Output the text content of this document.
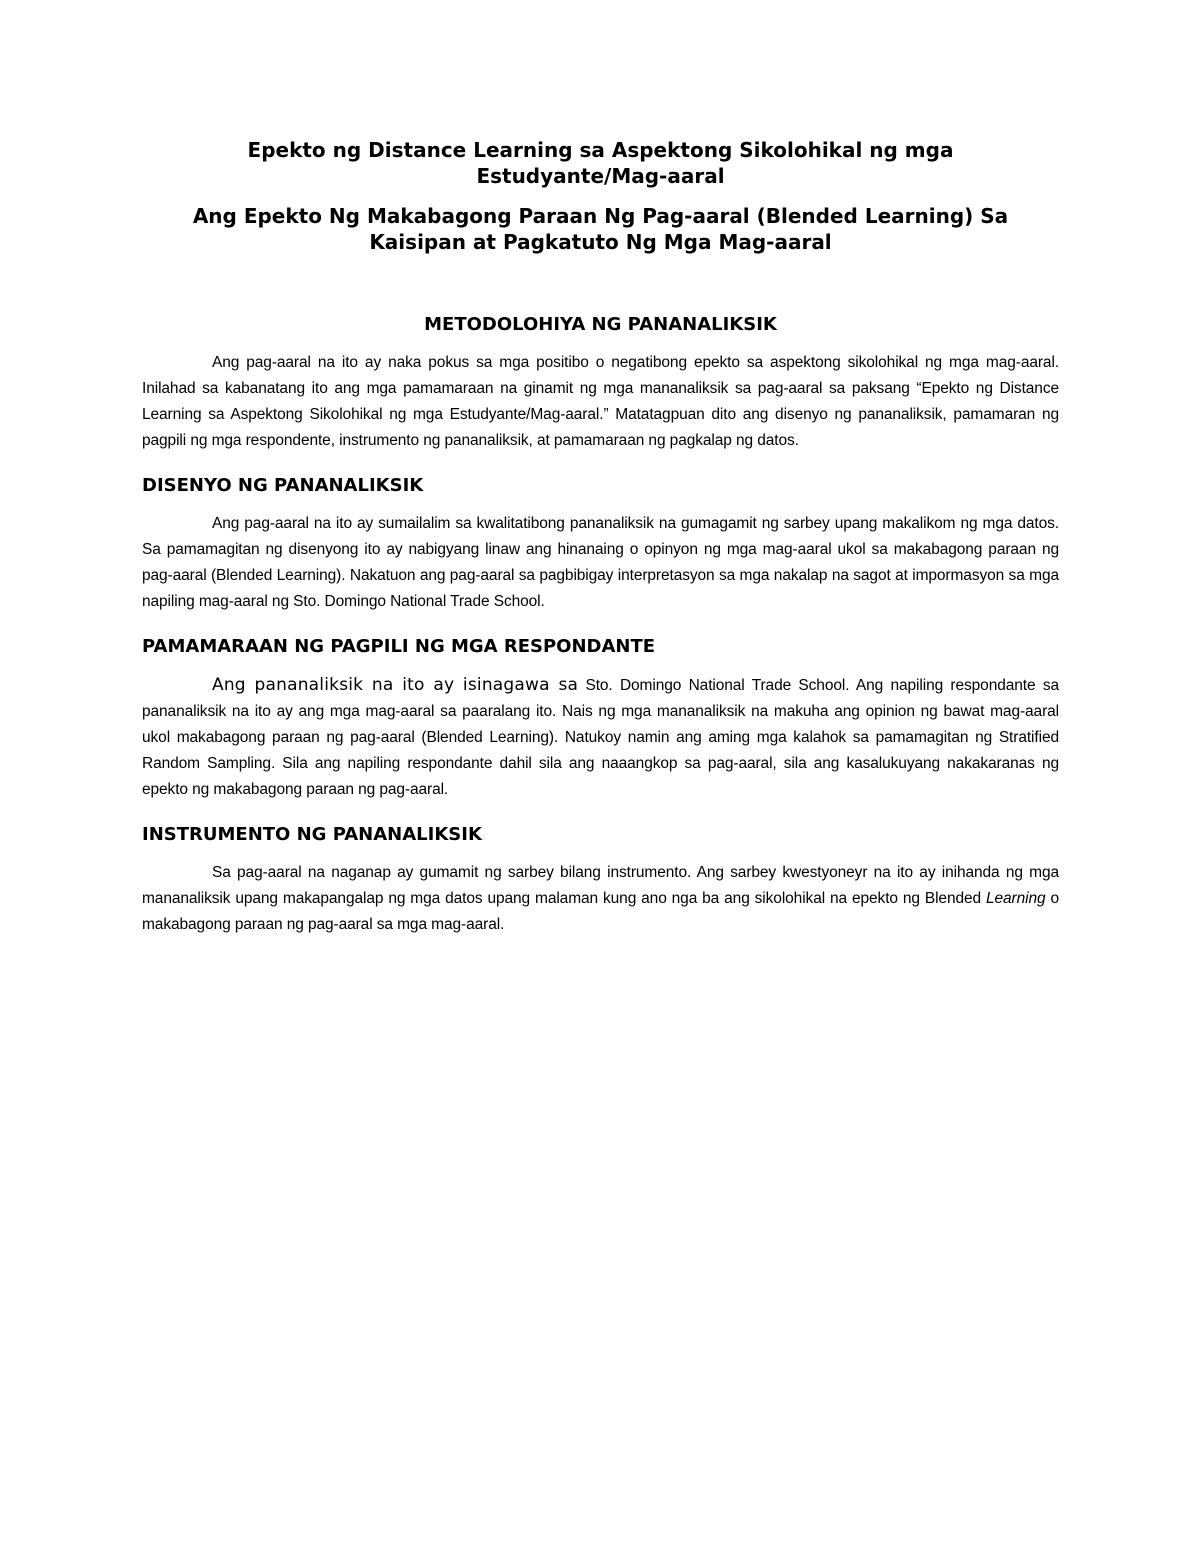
Epekto ng Distance Learning sa Aspektong Sikolohikal ng mga Estudyante/Mag-aaral
Ang Epekto Ng Makabagong Paraan Ng Pag-aaral (Blended Learning) Sa Kaisipan at Pagkatuto Ng Mga Mag-aaral
METODOLOHIYA NG PANANALIKSIK

Ang pag-aaral na ito ay naka pokus sa mga positibo o negatibong epekto sa aspektong sikolohikal ng mga mag-aaral. Inilahad sa kabanatang ito ang mga pamamaraan na ginamit ng mga mananaliksik sa pag-aaral sa paksang “Epekto ng Distance Learning sa Aspektong Sikolohikal ng mga Estudyante/Mag-aaral.” Matatagpuan dito ang disenyo ng pananaliksik, pamamaran ng pagpili ng mga respondente, instrumento ng pananaliksik, at pamamaraan ng pagkalap ng datos.

DISENYO NG PANANALIKSIK

Ang pag-aaral na ito ay sumailalim sa kwalitatibong pananaliksik na gumagamit ng sarbey upang makalikom ng mga datos. Sa pamamagitan ng disenyong ito ay nabigyang linaw ang hinanaing o opinyon ng mga mag-aaral ukol sa makabagong paraan ng pag-aaral (Blended Learning). Nakatuon ang pag-aaral sa pagbibigay interpretasyon sa mga nakalap na sagot at impormasyon sa mga napiling mag-aaral ng Sto. Domingo National Trade School.

PAMAMARAAN NG PAGPILI NG MGA RESPONDANTE

Ang pananaliksik na ito ay isinagawa sa Sto. Domingo National Trade School. Ang napiling respondante sa pananaliksik na ito ay ang mga mag-aaral sa paaralang ito. Nais ng mga mananaliksik na makuha ang opinion ng bawat mag-aaral ukol makabagong paraan ng pag-aaral (Blended Learning). Natukoy namin ang aming mga kalahok sa pamamagitan ng Stratified Random Sampling. Sila ang napiling respondante dahil sila ang naaangkop sa pag-aaral, sila ang kasalukuyang nakakaranas ng epekto ng makabagong paraan ng pag-aaral.

INSTRUMENTO NG PANANALIKSIK

Sa pag-aaral na naganap ay gumamit ng sarbey bilang instrumento. Ang sarbey kwestyoneyr na ito ay inihanda ng mga mananaliksik upang makapangalap ng mga datos upang malaman kung ano nga ba ang sikolohikal na epekto ng Blended Learning o makabagong paraan ng pag-aaral sa mga mag-aaral.
